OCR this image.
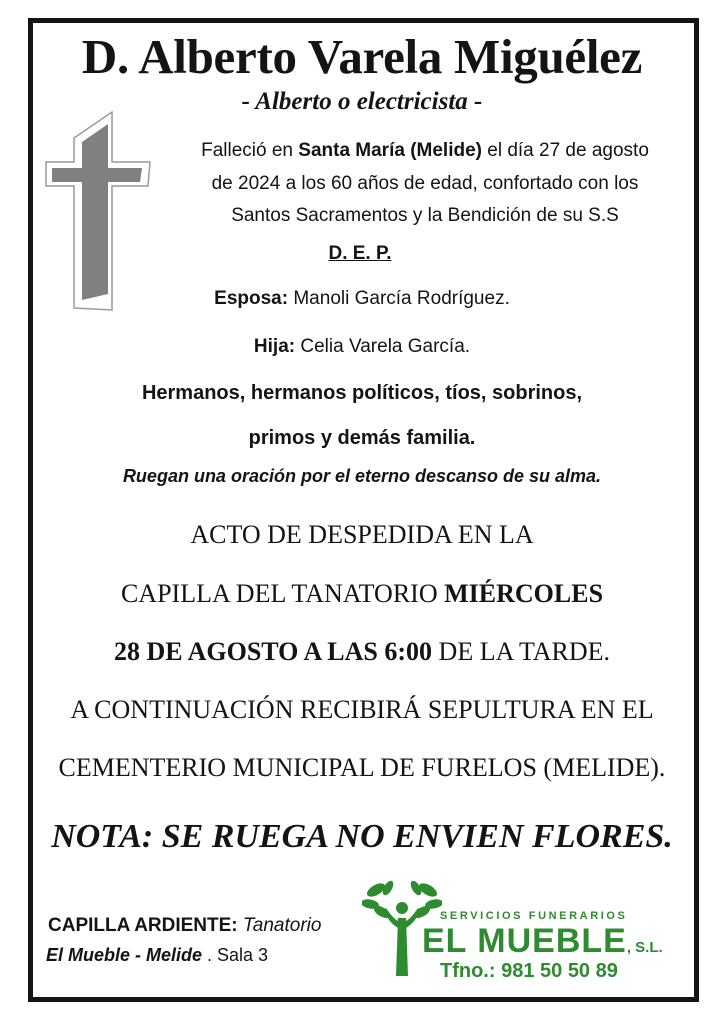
D. Alberto Varela Miguélez
- Alberto o electricista -
Falleció en Santa María (Melide) el día 27 de agosto
de 2024 a los 60 años de edad, confortado con los
Santos Sacramentos y la Bendición de su S.S
D. E. P.
Esposa: Manoli García Rodríguez.
Hija: Celia Varela García.
Hermanos, hermanos políticos, tíos, sobrinos,
primos y demás familia.
Ruegan una oración por el eterno descanso de su alma.
ACTO DE DESPEDIDA EN LA
CAPILLA DEL TANATORIO MIÉRCOLES
28 DE AGOSTO A LAS 6:00 DE LA TARDE.
A CONTINUACIÓN RECIBIRÁ SEPULTURA EN EL
CEMENTERIO MUNICIPAL DE FURELOS (MELIDE).
NOTA: SE RUEGA NO ENVIEN FLORES.
CAPILLA ARDIENTE: Tanatorio
El Mueble - Melide . Sala 3
SERVICIOS FUNERARIOS
EL MUEBLE, S.L.
Tfno.: 981 50 50 89
